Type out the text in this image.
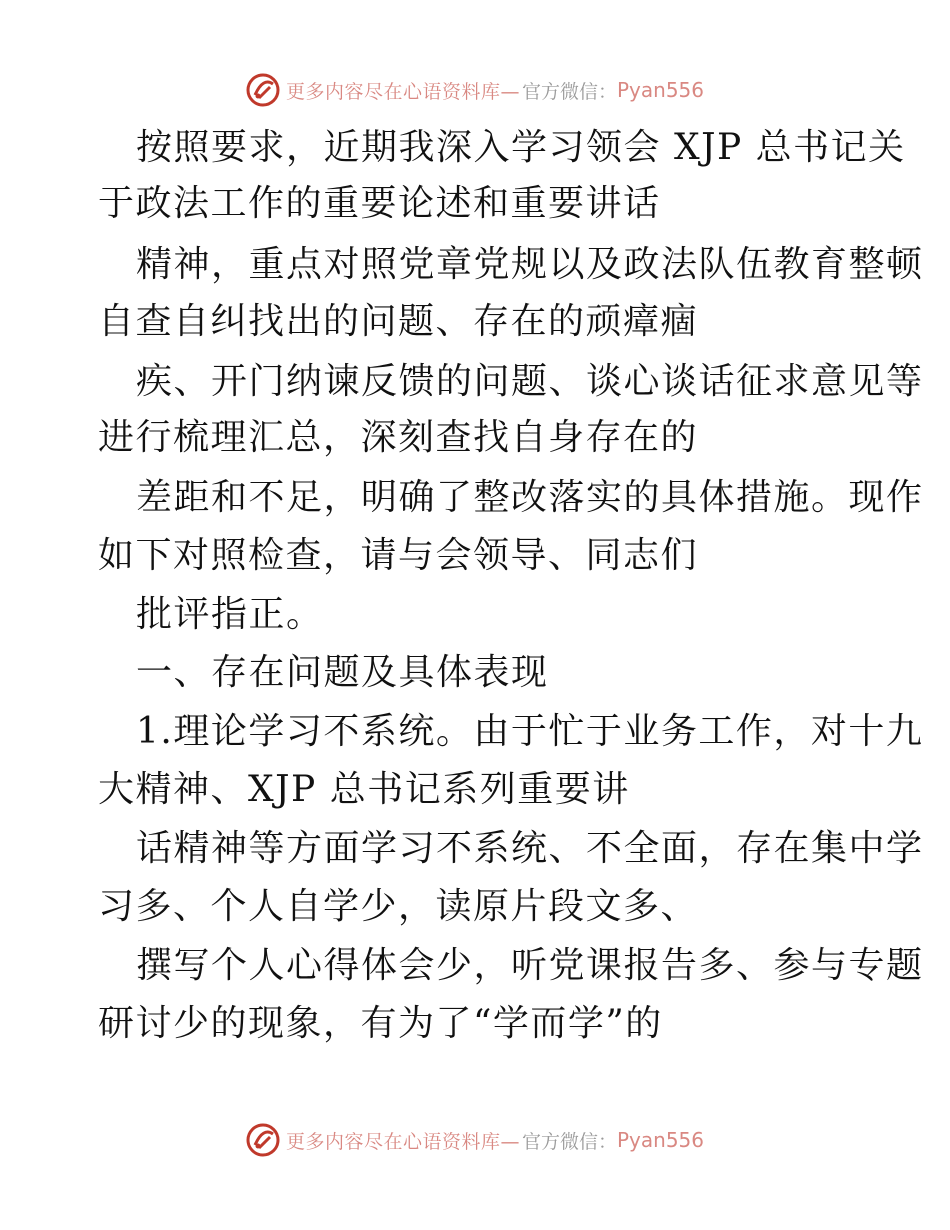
更多内容尽在心语资料库— 官方微信： Pyan556
按照要求，近期我深入学习领会 XJP 总书记关
于政法工作的重要论述和重要讲话
精神，重点对照党章党规以及政法队伍教育整顿
自查自纠找出的问题、存在的顽瘴痼
疾、开门纳谏反馈的问题、谈心谈话征求意见等
进行梳理汇总，深刻查找自身存在的
差距和不足，明确了整改落实的具体措施。现作
如下对照检查，请与会领导、同志们
批评指正。
一、存在问题及具体表现
1.理论学习不系统。由于忙于业务工作，对十九
大精神、XJP 总书记系列重要讲
话精神等方面学习不系统、不全面，存在集中学
习多、个人自学少，读原片段文多、
撰写个人心得体会少，听党课报告多、参与专题
研讨少的现象，有为了“学而学”的
更多内容尽在心语资料库— 官方微信： Pyan556
